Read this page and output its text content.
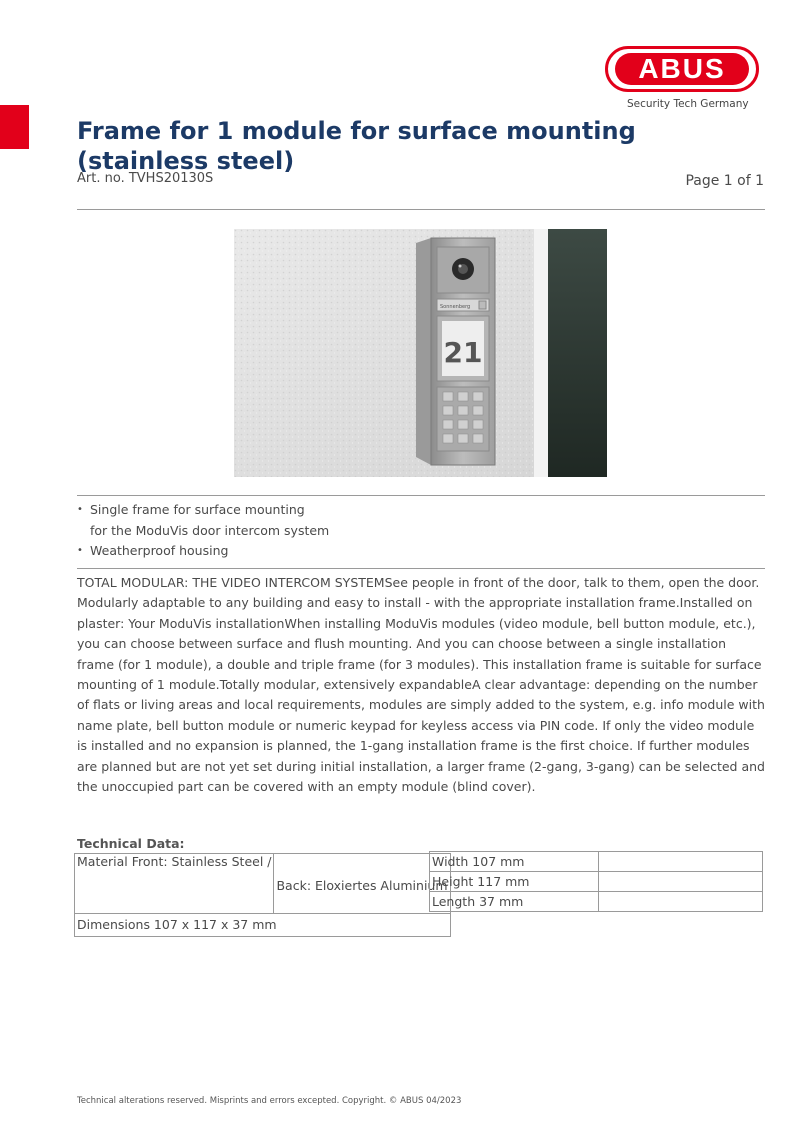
ABUS
Security Tech Germany
Frame for 1 module for surface mounting (stainless steel)
Art. no. TVHS20130S	Page 1 of 1
Sonnenberg
21
• Single frame for surface mounting
for the ModuVis door intercom system
• Weatherproof housing

TOTAL MODULAR: THE VIDEO INTERCOM SYSTEMSee people in front of the door, talk to them, open the door. Modularly adaptable to any building and easy to install - with the appropriate installation frame.Installed on plaster: Your ModuVis installationWhen installing ModuVis modules (video module, bell button module, etc.), you can choose between surface and flush mounting. And you can choose between a single installation frame (for 1 module), a double and triple frame (for 3 modules). This installation frame is suitable for surface mounting of 1 module.Totally modular, extensively expandableA clear advantage: depending on the number of flats or living areas and local requirements, modules are simply added to the system, e.g. info module with name plate, bell button module or numeric keypad for keyless access via PIN code. If only the video module is installed and no expansion is planned, the 1-gang installation frame is the first choice. If further modules are planned but are not yet set during initial installation, a larger frame (2-gang, 3-gang) can be selected and the unoccupied part can be covered with an empty module (blind cover).

Technical Data:
Material Front: Stainless Steel /	Back: Eloxiertes Aluminium
Dimensions 107 x 117 x 37 mm
Width 107 mm	
Height 117 mm	
Length 37 mm	
Technical alterations reserved. Misprints and errors excepted. Copyright. © ABUS 04/2023
